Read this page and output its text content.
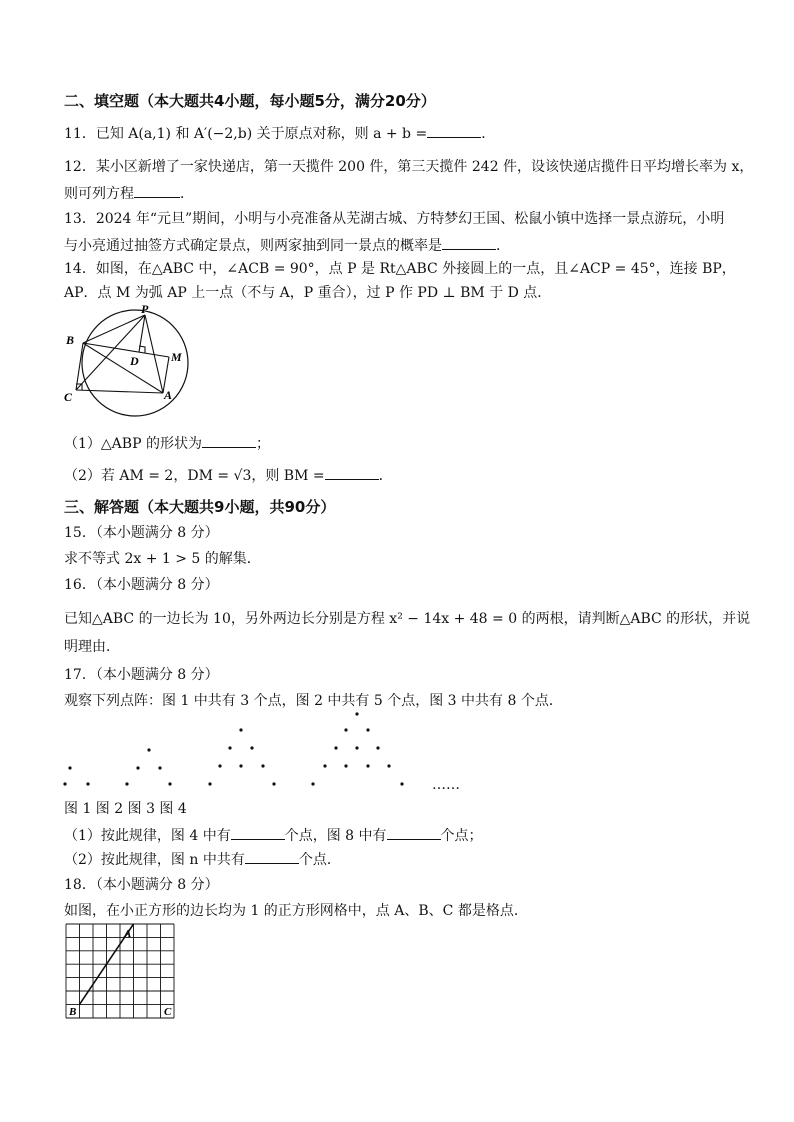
二、填空题（本大题共4小题，每小题5分，满分20分）
11．已知 A(a,1) 和 A′(−2,b) 关于原点对称，则 a + b =	．
12．某小区新增了一家快递店，第一天揽件 200 件，第三天揽件 242 件，设该快递店揽件日平均增长率为 x，
则可列方程	．
13．2024 年“元旦”期间，小明与小亮准备从芜湖古城、方特梦幻王国、松鼠小镇中选择一景点游玩，小明
与小亮通过抽签方式确定景点，则两家抽到同一景点的概率是	．
14．如图，在△ABC 中，∠ACB = 90°，点 P 是 Rt△ABC 外接圆上的一点，且∠ACP = 45°，连接 BP，
AP．点 M 为弧 AP 上一点（不与 A，P 重合），过 P 作 PD ⊥ BM 于 D 点．
B
P
M
D
C	A
（1）△ABP 的形状为	；
（2）若 AM = 2，DM = √3，则 BM =	．
三、解答题（本大题共9小题，共90分）
15．（本小题满分 8 分）
求不等式 2x + 1 > 5 的解集．
16．（本小题满分 8 分）
已知△ABC 的一边长为 10，另外两边长分别是方程 x² − 14x + 48 = 0 的两根，请判断△ABC 的形状，并说
明理由．
17．（本小题满分 8 分）
观察下列点阵：图 1 中共有 3 个点，图 2 中共有 5 个点，图 3 中共有 8 个点．
……
图 1 图 2 图 3 图 4
（1）按此规律，图 4 中有	个点，图 8 中有	个点；
（2）按此规律，图 n 中共有	个点．
18．（本小题满分 8 分）
如图，在小正方形的边长均为 1 的正方形网格中，点 A、B、C 都是格点．
A
B	C
